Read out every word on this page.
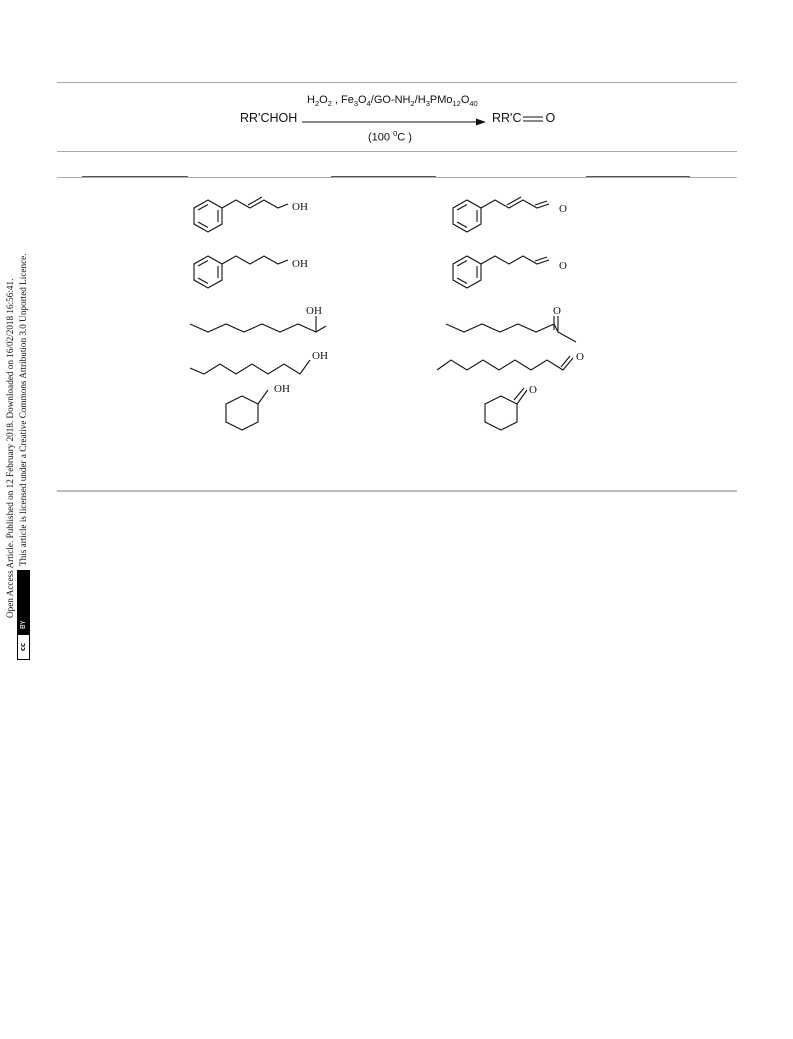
$H_2O_2$ , $Fe_3O_4/GO-NH_2/H_3PMo_{12}O_{40}$
RR'CHOH	RR'C O
(100 $^0$C )
OH	O
OH	O
OH	O
OH	O
OH	O
Open Access Article. Published on 12 February 2018. Downloaded on 16/02/2018 16:56:41.
cc
BY
This article is licensed under a Creative Commons Attribution 3.0 Unported Licence.
